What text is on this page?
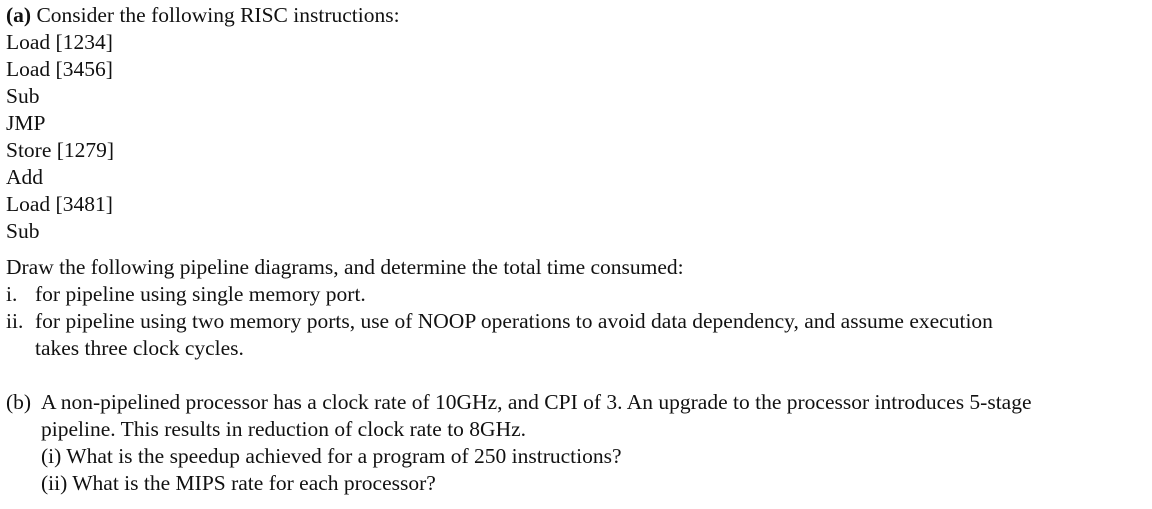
(a) Consider the following RISC instructions:
Load [1234]
Load [3456]
Sub
JMP
Store [1279]
Add
Load [3481]
Sub
Draw the following pipeline diagrams, and determine the total time consumed:
i. for pipeline using single memory port.
ii. for pipeline using two memory ports, use of NOOP operations to avoid data dependency, and assume execution
takes three clock cycles.
(b) A non-pipelined processor has a clock rate of 10GHz, and CPI of 3. An upgrade to the processor introduces 5-stage
pipeline. This results in reduction of clock rate to 8GHz.
(i) What is the speedup achieved for a program of 250 instructions?
(ii) What is the MIPS rate for each processor?
